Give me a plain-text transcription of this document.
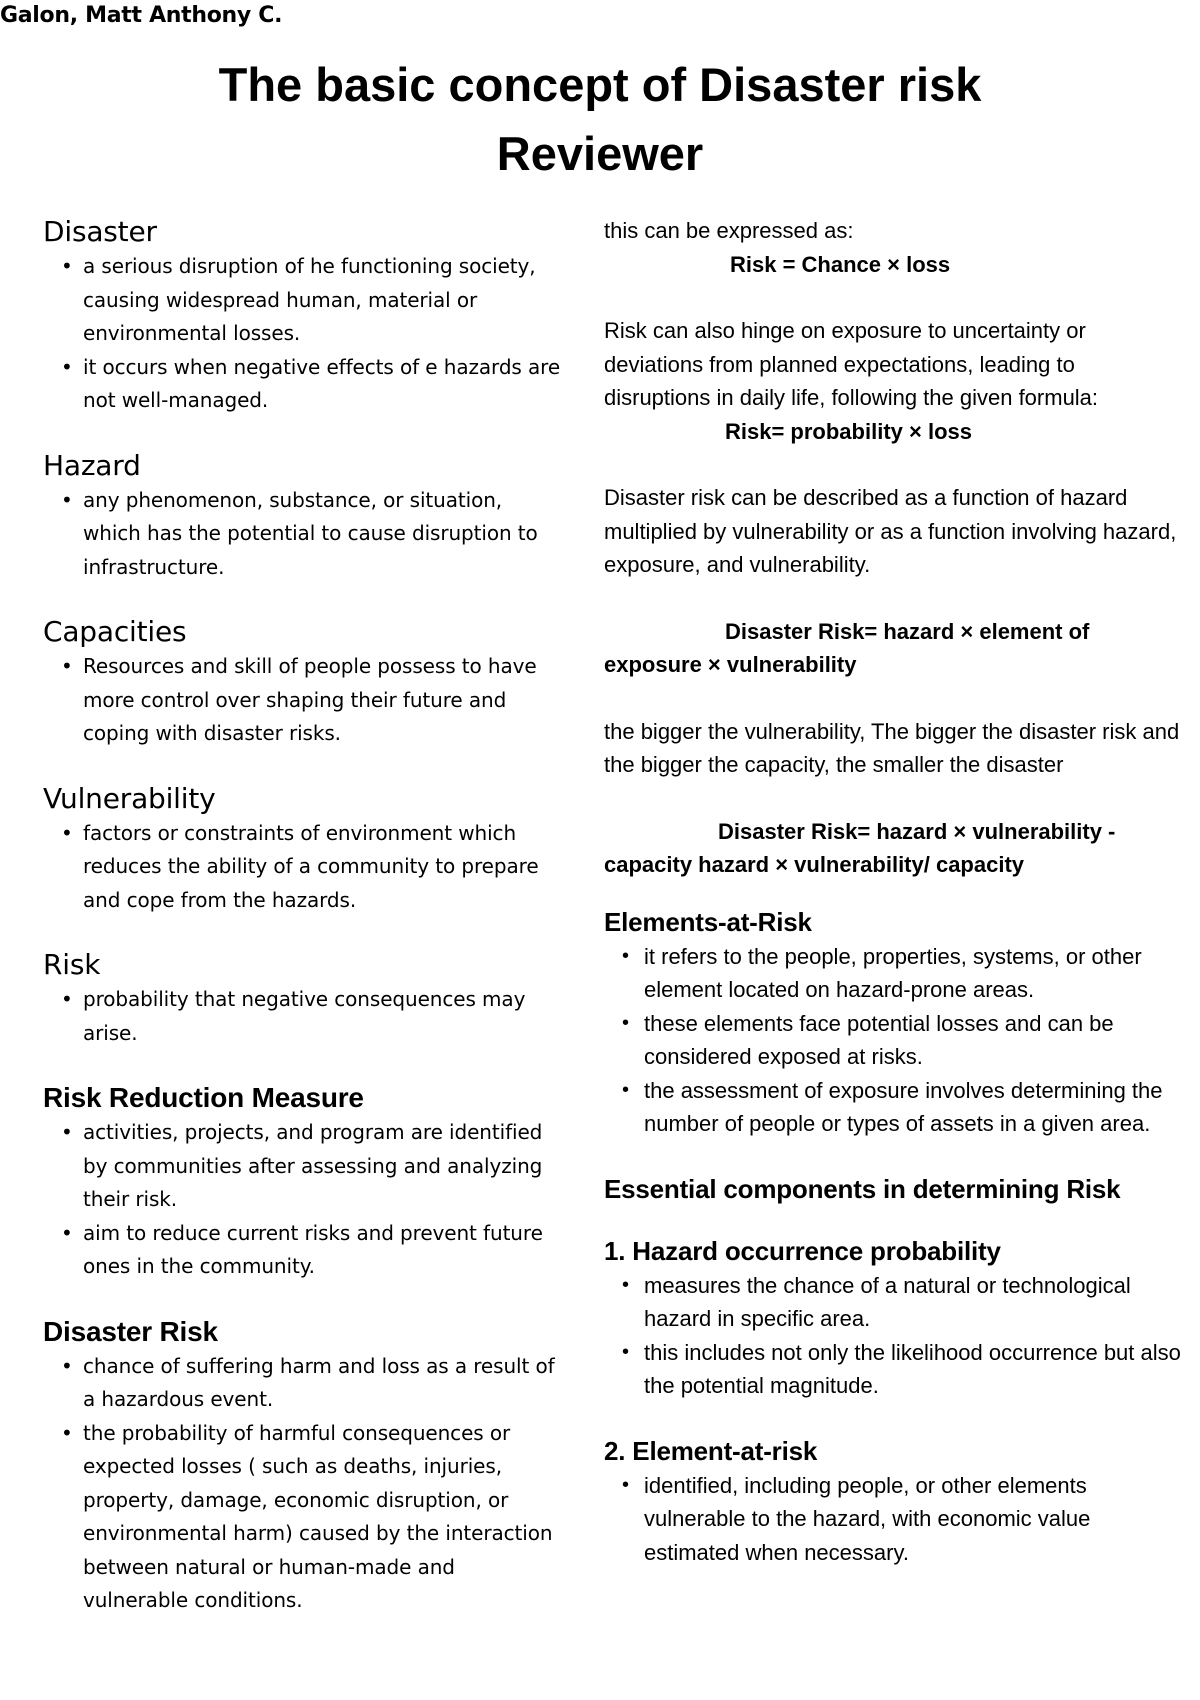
Galon, Matt Anthony C.
The basic concept of Disaster risk
Reviewer
Disaster
• a serious disruption of he functioning society, causing widespread human, material or environmental losses.
• it occurs when negative effects of e hazards are not well-managed.
Hazard
• any phenomenon, substance, or situation, which has the potential to cause disruption to infrastructure.
Capacities
• Resources and skill of people possess to have more control over shaping their future and coping with disaster risks.
Vulnerability
• factors or constraints of environment which reduces the ability of a community to prepare and cope from the hazards.
Risk
• probability that negative consequences may arise.
Risk Reduction Measure
• activities, projects, and program are identified by communities after assessing and analyzing their risk.
• aim to reduce current risks and prevent future ones in the community.
Disaster Risk
• chance of suffering harm and loss as a result of a hazardous event.
• the probability of harmful consequences or expected losses ( such as deaths, injuries, property, damage, economic disruption, or environmental harm) caused by the interaction between natural or human-made and vulnerable conditions.

this can be expressed as:

Risk = Chance × loss

Risk can also hinge on exposure to uncertainty or deviations from planned expectations, leading to disruptions in daily life, following the given formula:

Risk= probability × loss

Disaster risk can be described as a function of hazard multiplied by vulnerability or as a function involving hazard, exposure, and vulnerability.

Disaster Risk= hazard × element of

exposure × vulnerability

the bigger the vulnerability, The bigger the disaster risk and the bigger the capacity, the smaller the disaster

Disaster Risk= hazard × vulnerability -

capacity hazard × vulnerability/ capacity

Elements-at-Risk
• it refers to the people, properties, systems, or other element located on hazard-prone areas.
• these elements face potential losses and can be considered exposed at risks.
• the assessment of exposure involves determining the number of people or types of assets in a given area.
Essential components in determining Risk
1. Hazard occurrence probability
• measures the chance of a natural or technological hazard in specific area.
• this includes not only the likelihood occurrence but also the potential magnitude.
2. Element-at-risk
• identified, including people, or other elements vulnerable to the hazard, with economic value estimated when necessary.
